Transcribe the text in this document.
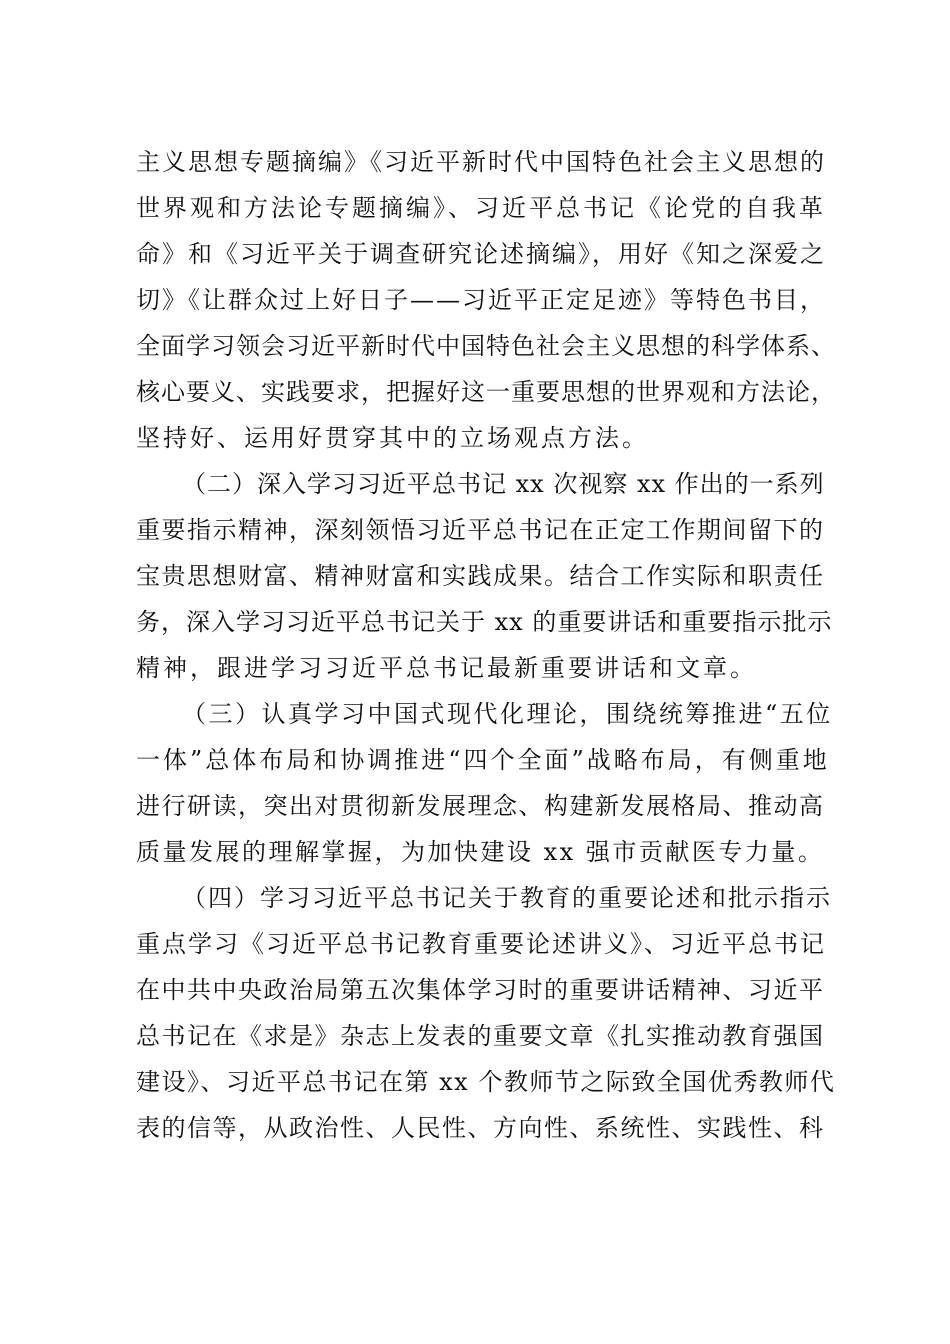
主义思想专题摘编》《习近平新时代中国特色社会主义思想的
世界观和方法论专题摘编》、习近平总书记《论党的自我革
命》和《习近平关于调查研究论述摘编》，用好《知之深爱之
切》《让群众过上好日子——习近平正定足迹》等特色书目，
全面学习领会习近平新时代中国特色社会主义思想的科学体系、
核心要义、实践要求，把握好这一重要思想的世界观和方法论，
坚持好、运用好贯穿其中的立场观点方法。
（二）深入学习习近平总书记 xx 次视察 xx 作出的一系列
重要指示精神，深刻领悟习近平总书记在正定工作期间留下的
宝贵思想财富、精神财富和实践成果。结合工作实际和职责任
务，深入学习习近平总书记关于 xx 的重要讲话和重要指示批示
精神，跟进学习习近平总书记最新重要讲话和文章。
（三）认真学习中国式现代化理论，围绕统筹推进“五位
一体”总体布局和协调推进“四个全面”战略布局，有侧重地
进行研读，突出对贯彻新发展理念、构建新发展格局、推动高
质量发展的理解掌握，为加快建设 xx 强市贡献医专力量。
（四）学习习近平总书记关于教育的重要论述和批示指示
重点学习《习近平总书记教育重要论述讲义》、习近平总书记
在中共中央政治局第五次集体学习时的重要讲话精神、习近平
总书记在《求是》杂志上发表的重要文章《扎实推动教育强国
建设》、习近平总书记在第 xx 个教师节之际致全国优秀教师代
表的信等，从政治性、人民性、方向性、系统性、实践性、科
